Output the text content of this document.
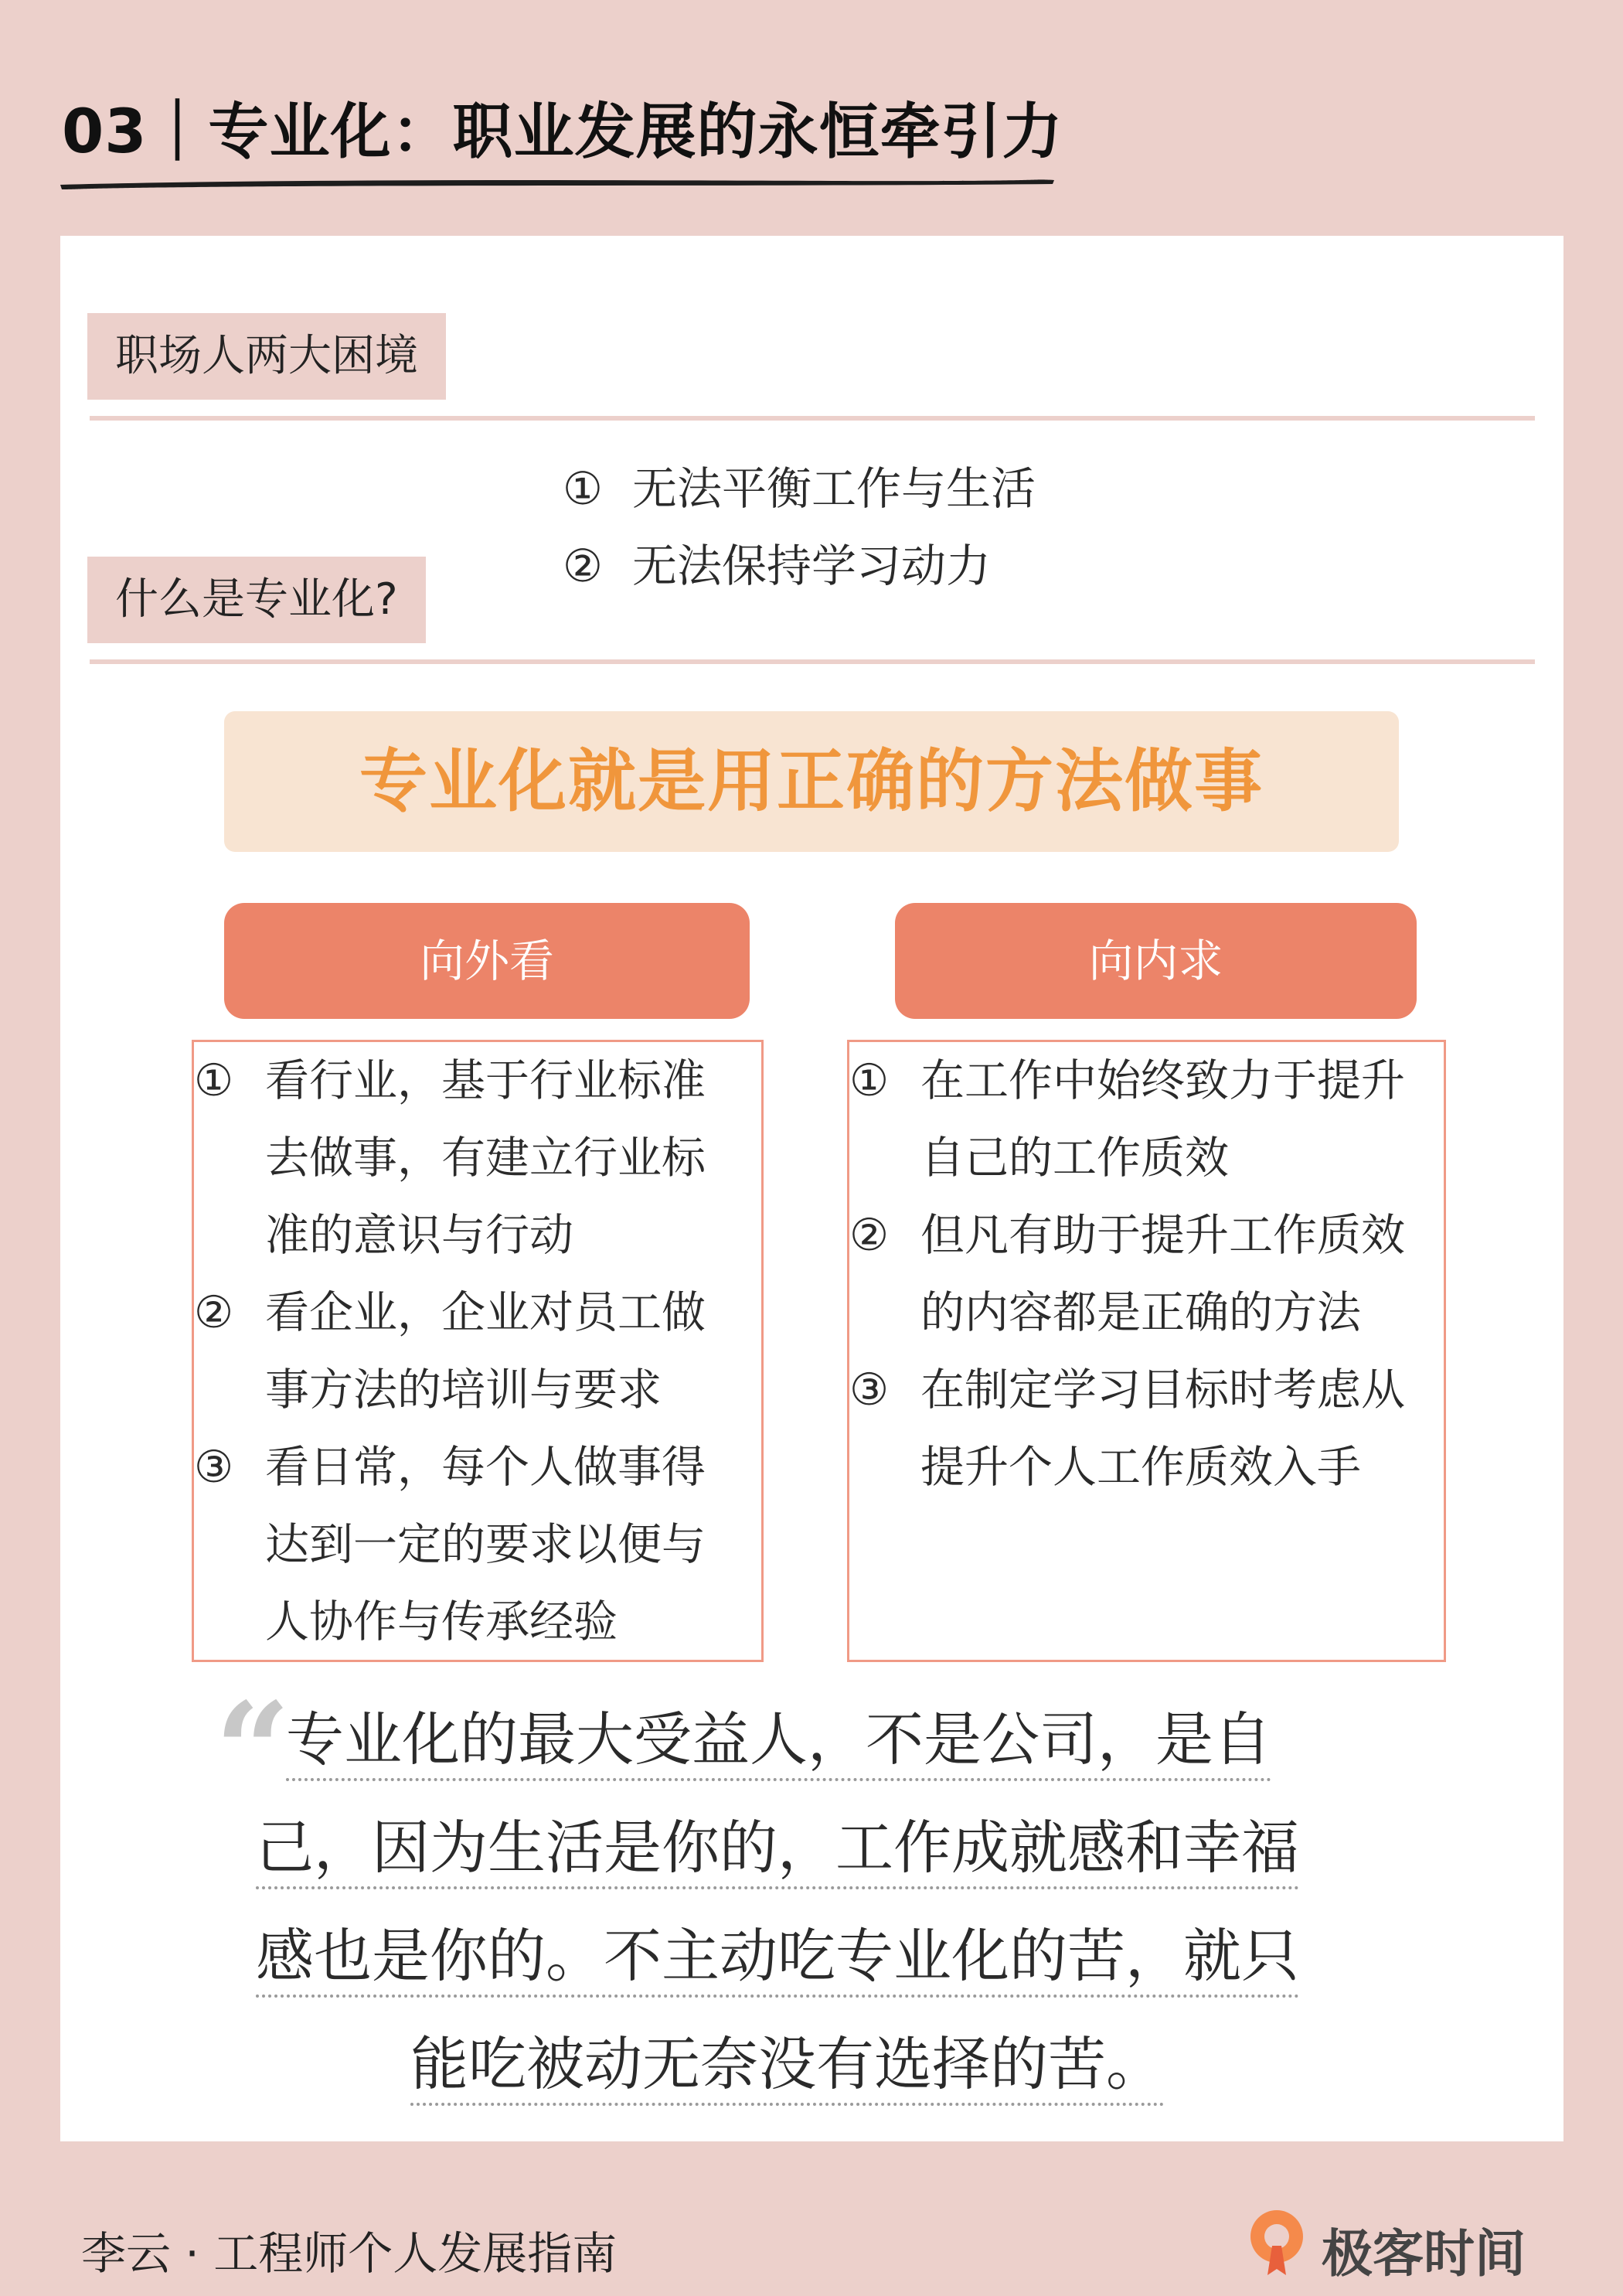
03｜专业化：职业发展的永恒牵引力
职场人两大困境
① 无法平衡工作与生活
② 无法保持学习动力
什么是专业化?
专业化就是用正确的方法做事
向外看	向内求
① 看行业，基于行业标准
去做事，有建立行业标
准的意识与行动
② 看企业，企业对员工做
事方法的培训与要求
③ 看日常，每个人做事得
达到一定的要求以便与
人协作与传承经验
① 在工作中始终致力于提升
自己的工作质效
② 但凡有助于提升工作质效
的内容都是正确的方法
③ 在制定学习目标时考虑从
提升个人工作质效入手
“
专业化的最大受益人，不是公司，是自
己，因为生活是你的，工作成就感和幸福
感也是你的。不主动吃专业化的苦，就只
能吃被动无奈没有选择的苦。
李云 · 工程师个人发展指南	极客时间
